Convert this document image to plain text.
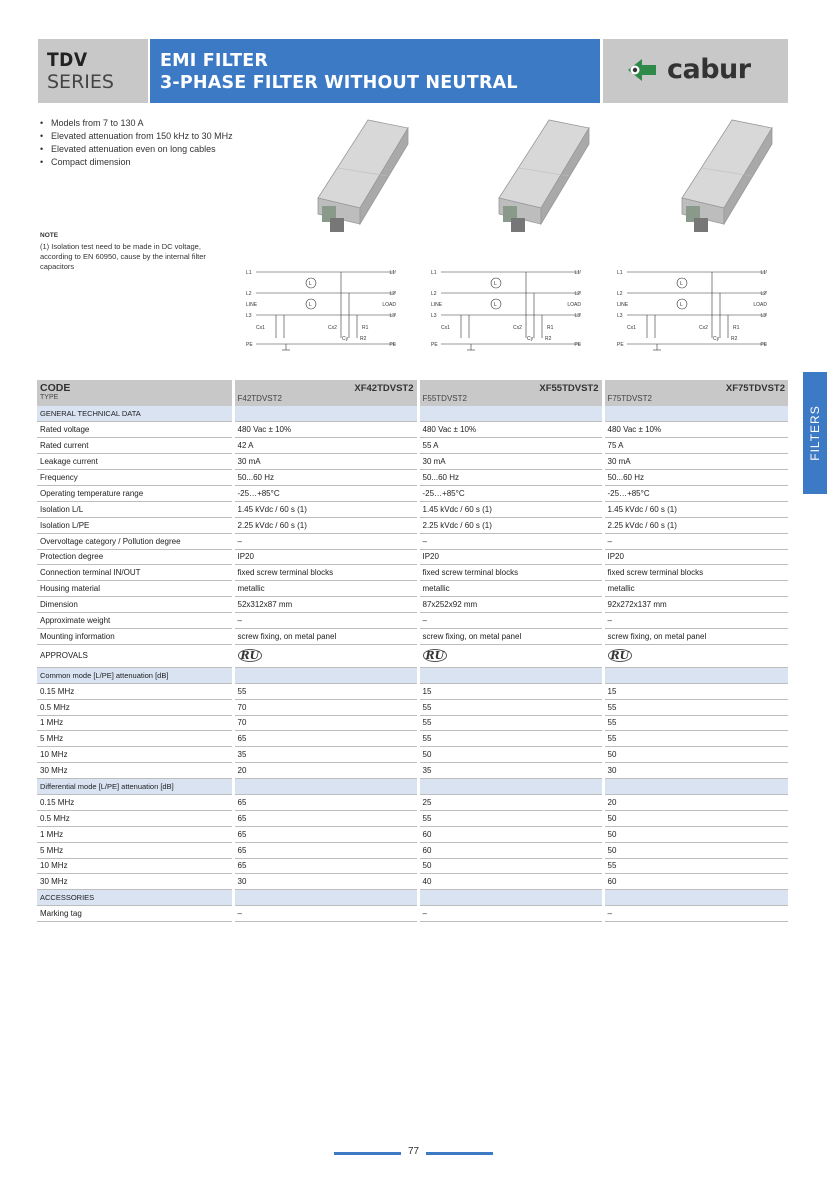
TDV
SERIES
EMI FILTER
3-PHASE FILTER WITHOUT NEUTRAL	cabur
FILTERS
• Models from 7 to 130 A
• Elevated attenuation from 150 kHz to 30 MHz
• Elevated attenuation even on long cables
• Compact dimension
NOTE
(1) Isolation test need to be made in DC voltage, according to EN 60950, cause by the internal filter capacitors
L1
L2
L3
LINE
L1'
L2'
L3'
LOAD
PE	PE
Cx1	Cx2
Cy
R1
R2
L
L
L1
L2
L3
LINE
L1'
L2'
L3'
LOAD
PE	PE
Cx1	Cx2
Cy
R1
R2
L
L
L1
L2
L3
LINE
L1'
L2'
L3'
LOAD
PE	PE
Cx1	Cx2
Cy
R1
R2
L
L
CODE	XF42TDVST2	XF55TDVST2	XF75TDVST2
TYPE	F42TDVST2	F55TDVST2	F75TDVST2
GENERAL TECHNICAL DATA			
Rated voltage	480 Vac ± 10%	480 Vac ± 10%	480 Vac ± 10%
Rated current	42 A	55 A	75 A
Leakage current	30 mA	30 mA	30 mA
Frequency	50...60 Hz	50...60 Hz	50...60 Hz
Operating temperature range	-25…+85°C	-25…+85°C	-25…+85°C
Isolation L/L	1.45 kVdc / 60 s (1)	1.45 kVdc / 60 s (1)	1.45 kVdc / 60 s (1)
Isolation L/PE	2.25 kVdc / 60 s (1)	2.25 kVdc / 60 s (1)	2.25 kVdc / 60 s (1)
Overvoltage category / Pollution degree	–	–	–
Protection degree	IP20	IP20	IP20
Connection terminal IN/OUT	fixed screw terminal blocks	fixed screw terminal blocks	fixed screw terminal blocks
Housing material	metallic	metallic	metallic
Dimension	52x312x87 mm	87x252x92 mm	92x272x137 mm
Approximate weight	–	–	–
Mounting information	screw fixing, on metal panel	screw fixing, on metal panel	screw fixing, on metal panel
APPROVALS	RU	RU	RU
Common mode [L/PE] attenuation [dB]			
0.15 MHz	55	15	15
0.5 MHz	70	55	55
1 MHz	70	55	55
5 MHz	65	55	55
10 MHz	35	50	50
30 MHz	20	35	30
Differential mode [L/PE] attenuation [dB]			
0.15 MHz	65	25	20
0.5 MHz	65	55	50
1 MHz	65	60	50
5 MHz	65	60	50
10 MHz	65	50	55
30 MHz	30	40	60
ACCESSORIES			
Marking tag	–	–	–
77
